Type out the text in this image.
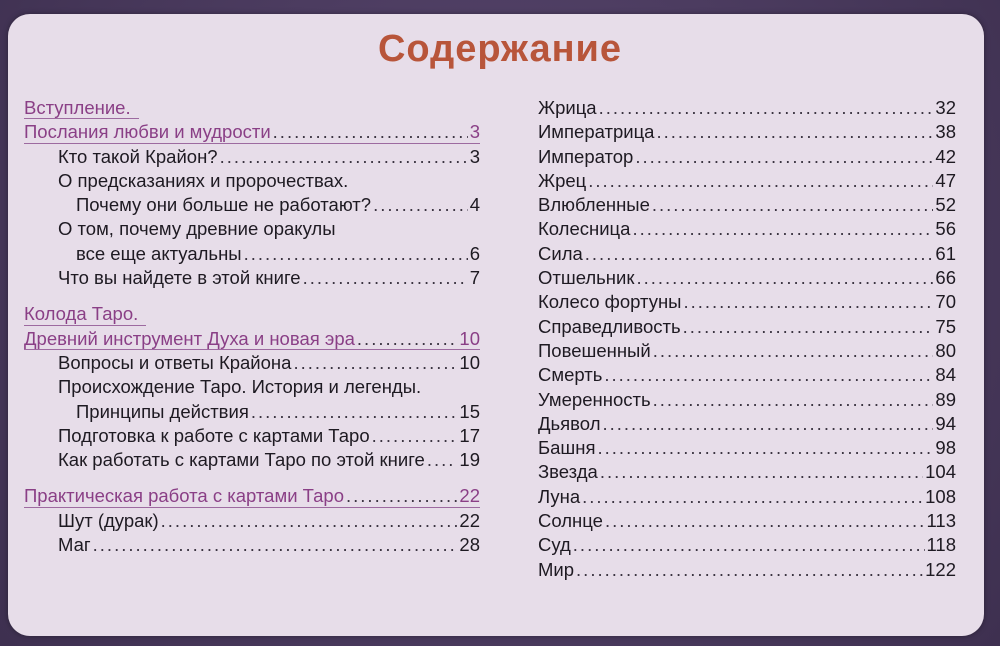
Содержание
Вступление.
Послания любви и мудрости .....	3
Кто такой Крайон? .....	3
О предсказаниях и пророчествах.
Почему они больше не работают? .....	4
О том, почему древние оракулы
все еще актуальны .....	6
Что вы найдете в этой книге .....	7
Колода Таро.
Древний инструмент Духа и новая эра .....	10
Вопросы и ответы Крайона .....	10
Происхождение Таро. История и легенды.
Принципы действия .....	15
Подготовка к работе с картами Таро .....	17
Как работать с картами Таро по этой книге ..... 19
Практическая работа с картами Таро .....	22
Шут (дурак) .....	22
Маг .....	28
Жрица .....	32
Императрица .....	38
Император .....	42
Жрец .....	47
Влюбленные .....	52
Колесница .....	56
Сила .....	61
Отшельник .....	66
Колесо фортуны .....	70
Справедливость .....	75
Повешенный .....	80
Смерть .....	84
Умеренность .....	89
Дьявол .....	94
Башня .....	98
Звезда .....	104
Луна .....	108
Солнце .....	113
Суд .....	118
Мир .....	122
